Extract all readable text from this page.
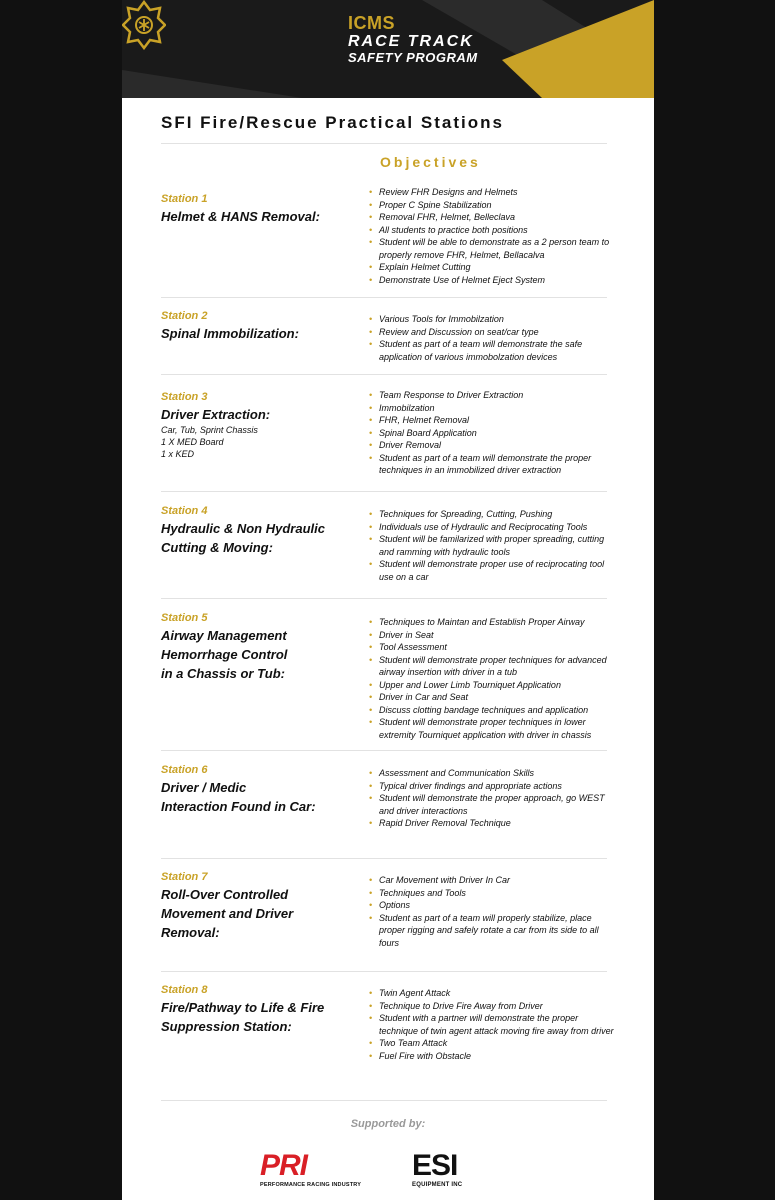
ICMS
RACE TRACK
SAFETY PROGRAM
SFI Fire/Rescue Practical Stations
Objectives
Station 1
Helmet & HANS Removal:
• Review FHR Designs and Helmets
• Proper C Spine Stabilization
• Removal FHR, Helmet, Belleclava
• All students to practice both positions
• Student will be able to demonstrate as a 2 person team to properly remove FHR, Helmet, Bellacalva
• Explain Helmet Cutting
• Demonstrate Use of Helmet Eject System
Station 2
Spinal Immobilization:
• Various Tools for Immobilzation
• Review and Discussion on seat/car type
• Student as part of a team will demonstrate the safe application of various immobolzation devices
Station 3
Driver Extraction:
Car, Tub, Sprint Chassis
1 X MED Board
1 x KED
• Team Response to Driver Extraction
• Immobilzation
• FHR, Helmet Removal
• Spinal Board Application
• Driver Removal
• Student as part of a team will demonstrate the proper techniques in an immobilized driver extraction
Station 4
Hydraulic & Non Hydraulic
Cutting & Moving:
• Techniques for Spreading, Cutting, Pushing
• Individuals use of Hydraulic and Reciprocating Tools
• Student will be familarized with proper spreading, cutting and ramming with hydraulic tools
• Student will demonstrate proper use of reciprocating tool use on a car
Station 5
Airway Management
Hemorrhage Control
in a Chassis or Tub:
• Techniques to Maintan and Establish Proper Airway
• Driver in Seat
• Tool Assessment
• Student will demonstrate proper techniques for advanced airway insertion with driver in a tub
• Upper and Lower Limb Tourniquet Application
• Driver in Car and Seat
• Discuss clotting bandage techniques and application
• Student will demonstrate proper techniques in lower extremity Tourniquet application with driver in chassis
Station 6
Driver / Medic
Interaction Found in Car:
• Assessment and Communication Skills
• Typical driver findings and appropriate actions
• Student will demonstrate the proper approach, go WEST and driver interactions
• Rapid Driver Removal Technique
Station 7
Roll-Over Controlled
Movement and Driver
Removal:
• Car Movement with Driver In Car
• Techniques and Tools
• Options
• Student as part of a team will properly stabilize, place proper rigging and safely rotate a car from its side to all fours
Station 8
Fire/Pathway to Life & Fire
Suppression Station:
• Twin Agent Attack
• Technique to Drive Fire Away from Driver
• Student with a partner will demonstrate the proper technique of twin agent attack moving fire away from driver
• Two Team Attack
• Fuel Fire with Obstacle
Supported by:
PRI
PERFORMANCE RACING INDUSTRY
ESI
EQUIPMENT INC
